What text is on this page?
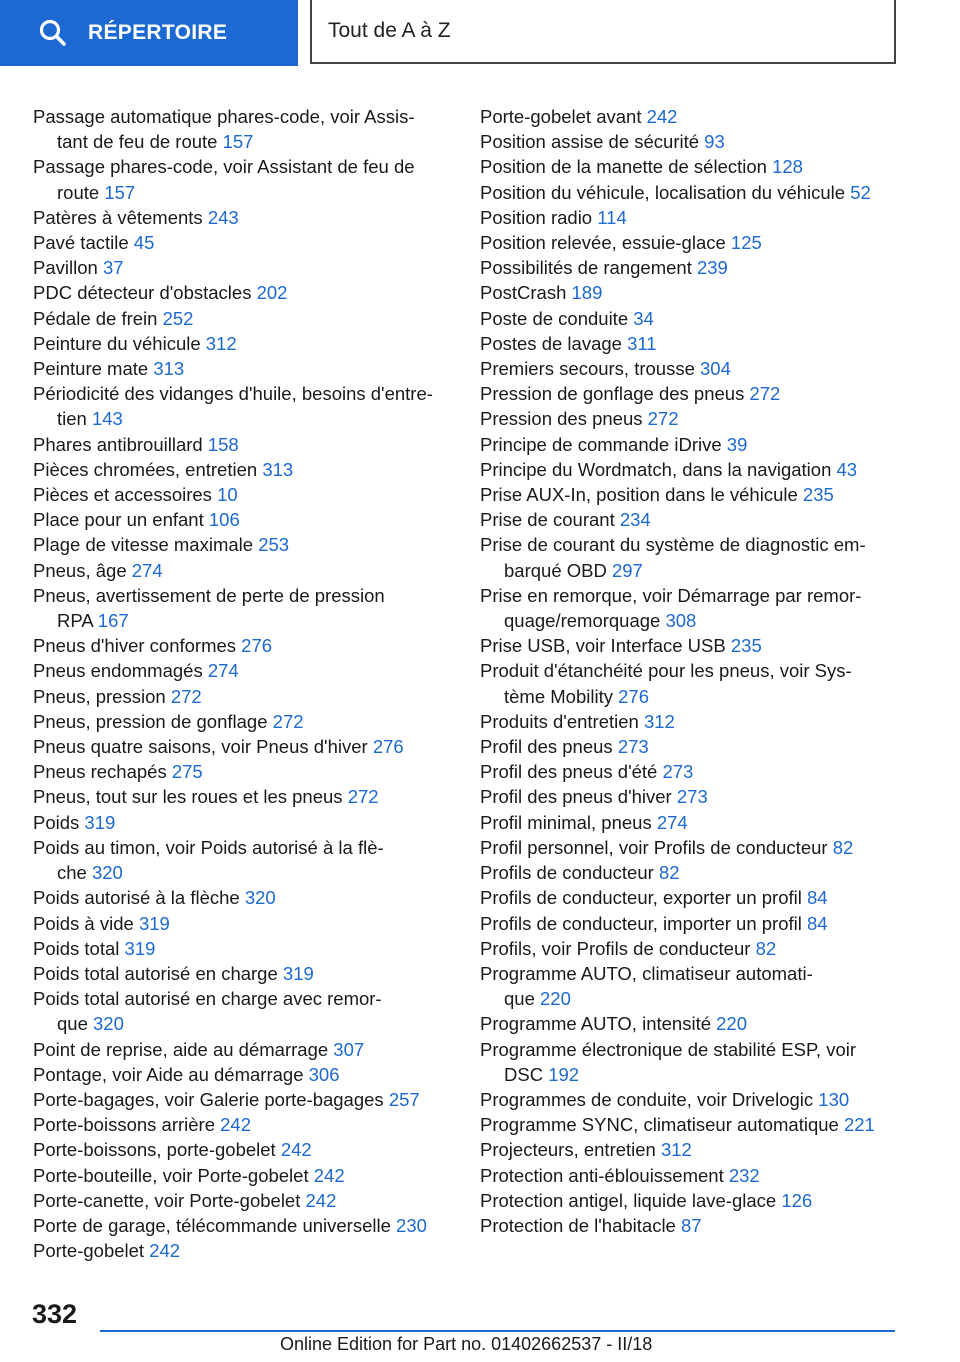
RÉPERTOIRE	Tout de A à Z
Passage automatique phares-code, voir Assis-
tant de feu de route 157
Passage phares-code, voir Assistant de feu de
route 157
Patères à vêtements 243
Pavé tactile 45
Pavillon 37
PDC détecteur d'obstacles 202
Pédale de frein 252
Peinture du véhicule 312
Peinture mate 313
Périodicité des vidanges d'huile, besoins d'entre-
tien 143
Phares antibrouillard 158
Pièces chromées, entretien 313
Pièces et accessoires 10
Place pour un enfant 106
Plage de vitesse maximale 253
Pneus, âge 274
Pneus, avertissement de perte de pression
RPA 167
Pneus d'hiver conformes 276
Pneus endommagés 274
Pneus, pression 272
Pneus, pression de gonflage 272
Pneus quatre saisons, voir Pneus d'hiver 276
Pneus rechapés 275
Pneus, tout sur les roues et les pneus 272
Poids 319
Poids au timon, voir Poids autorisé à la flè-
che 320
Poids autorisé à la flèche 320
Poids à vide 319
Poids total 319
Poids total autorisé en charge 319
Poids total autorisé en charge avec remor-
que 320
Point de reprise, aide au démarrage 307
Pontage, voir Aide au démarrage 306
Porte-bagages, voir Galerie porte-bagages 257
Porte-boissons arrière 242
Porte-boissons, porte-gobelet 242
Porte-bouteille, voir Porte-gobelet 242
Porte-canette, voir Porte-gobelet 242
Porte de garage, télécommande universelle 230
Porte-gobelet 242
Porte-gobelet avant 242
Position assise de sécurité 93
Position de la manette de sélection 128
Position du véhicule, localisation du véhicule 52
Position radio 114
Position relevée, essuie-glace 125
Possibilités de rangement 239
PostCrash 189
Poste de conduite 34
Postes de lavage 311
Premiers secours, trousse 304
Pression de gonflage des pneus 272
Pression des pneus 272
Principe de commande iDrive 39
Principe du Wordmatch, dans la navigation 43
Prise AUX-In, position dans le véhicule 235
Prise de courant 234
Prise de courant du système de diagnostic em-
barqué OBD 297
Prise en remorque, voir Démarrage par remor-
quage/remorquage 308
Prise USB, voir Interface USB 235
Produit d'étanchéité pour les pneus, voir Sys-
tème Mobility 276
Produits d'entretien 312
Profil des pneus 273
Profil des pneus d'été 273
Profil des pneus d'hiver 273
Profil minimal, pneus 274
Profil personnel, voir Profils de conducteur 82
Profils de conducteur 82
Profils de conducteur, exporter un profil 84
Profils de conducteur, importer un profil 84
Profils, voir Profils de conducteur 82
Programme AUTO, climatiseur automati-
que 220
Programme AUTO, intensité 220
Programme électronique de stabilité ESP, voir
DSC 192
Programmes de conduite, voir Drivelogic 130
Programme SYNC, climatiseur automatique 221
Projecteurs, entretien 312
Protection anti-éblouissement 232
Protection antigel, liquide lave-glace 126
Protection de l'habitacle 87
332
Online Edition for Part no. 01402662537 - II/18
